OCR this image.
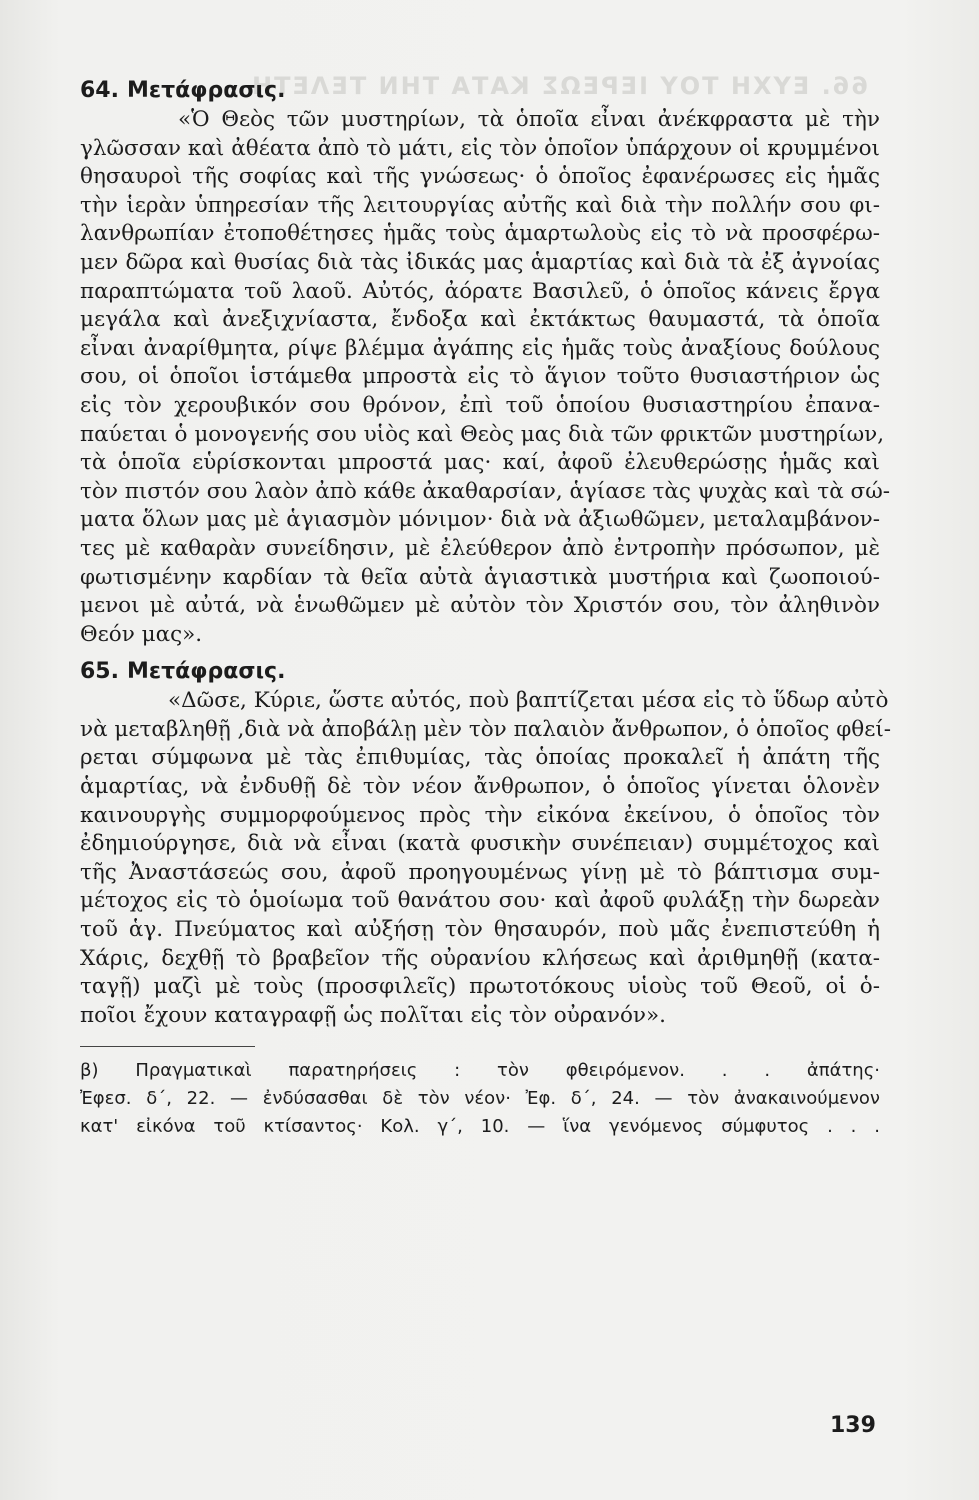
66. ΕΥΧΗ ΤΟΥ ΙΕΡΕΩΣ ΚΑΤΑ ΤΗΝ ΤΕΛΕΤΗ
64. Μετάφρασις.
«Ὁ Θεὸς τῶν μυστηρίων, τὰ ὁποῖα εἶναι ἀνέκφραστα μὲ τὴν
γλῶσσαν καὶ ἀθέατα ἀπὸ τὸ μάτι, εἰς τὸν ὁποῖον ὑπάρχουν οἱ κρυμμένοι
θησαυροὶ τῆς σοφίας καὶ τῆς γνώσεως· ὁ ὁποῖος ἐφανέρωσες εἰς ἡμᾶς
τὴν ἱερὰν ὑπηρεσίαν τῆς λειτουργίας αὐτῆς καὶ διὰ τὴν πολλήν σου φι-
λανθρωπίαν ἐτοποθέτησες ἡμᾶς τοὺς ἁμαρτωλοὺς εἰς τὸ νὰ προσφέρω-
μεν δῶρα καὶ θυσίας διὰ τὰς ἰδικάς μας ἁμαρτίας καὶ διὰ τὰ ἐξ ἀγνοίας
παραπτώματα τοῦ λαοῦ. Αὐτός, ἀόρατε Βασιλεῦ, ὁ ὁποῖος κάνεις ἔργα
μεγάλα καὶ ἀνεξιχνίαστα, ἔνδοξα καὶ ἐκτάκτως θαυμαστά, τὰ ὁποῖα
εἶναι ἀναρίθμητα, ρίψε βλέμμα ἀγάπης εἰς ἡμᾶς τοὺς ἀναξίους δούλους
σου, οἱ ὁποῖοι ἱστάμεθα μπροστὰ εἰς τὸ ἅγιον τοῦτο θυσιαστήριον ὡς
εἰς τὸν χερουβικόν σου θρόνον, ἐπὶ τοῦ ὁποίου θυσιαστηρίου ἐπανα-
παύεται ὁ μονογενής σου υἱὸς καὶ Θεὸς μας διὰ τῶν φρικτῶν μυστηρίων,
τὰ ὁποῖα εὑρίσκονται μπροστά μας· καί, ἀφοῦ ἐλευθερώσῃς ἡμᾶς καὶ
τὸν πιστόν σου λαὸν ἀπὸ κάθε ἀκαθαρσίαν, ἁγίασε τὰς ψυχὰς καὶ τὰ σώ-
ματα ὅλων μας μὲ ἁγιασμὸν μόνιμον· διὰ νὰ ἀξιωθῶμεν, μεταλαμβάνον-
τες μὲ καθαρὰν συνείδησιν, μὲ ἐλεύθερον ἀπὸ ἐντροπὴν πρόσωπον, μὲ
φωτισμένην καρδίαν τὰ θεῖα αὐτὰ ἁγιαστικὰ μυστήρια καὶ ζωοποιού-
μενοι μὲ αὐτά, νὰ ἑνωθῶμεν μὲ αὐτὸν τὸν Χριστόν σου, τὸν ἀληθινὸν
Θεόν μας».
65. Μετάφρασις.
«Δῶσε, Κύριε, ὥστε αὐτός, ποὺ βαπτίζεται μέσα εἰς τὸ ὕδωρ αὐτὸ
νὰ μεταβληθῇ ,διὰ νὰ ἀποβάλῃ μὲν τὸν παλαιὸν ἄνθρωπον, ὁ ὁποῖος φθεί-
ρεται σύμφωνα μὲ τὰς ἐπιθυμίας, τὰς ὁποίας προκαλεῖ ἡ ἀπάτη τῆς
ἁμαρτίας, νὰ ἐνδυθῇ δὲ τὸν νέον ἄνθρωπον, ὁ ὁποῖος γίνεται ὁλονὲν
καινουργὴς συμμορφούμενος πρὸς τὴν εἰκόνα ἐκείνου, ὁ ὁποῖος τὸν
ἐδημιούργησε, διὰ νὰ εἶναι (κατὰ φυσικὴν συνέπειαν) συμμέτοχος καὶ
τῆς Ἀναστάσεώς σου, ἀφοῦ προηγουμένως γίνῃ μὲ τὸ βάπτισμα συμ-
μέτοχος εἰς τὸ ὁμοίωμα τοῦ θανάτου σου· καὶ ἀφοῦ φυλάξῃ τὴν δωρεὰν
τοῦ ἁγ. Πνεύματος καὶ αὐξήσῃ τὸν θησαυρόν, ποὺ μᾶς ἐνεπιστεύθη ἡ
Χάρις, δεχθῇ τὸ βραβεῖον τῆς οὐρανίου κλήσεως καὶ ἀριθμηθῇ (κατα-
ταγῇ) μαζὶ μὲ τοὺς (προσφιλεῖς) πρωτοτόκους υἱοὺς τοῦ Θεοῦ, οἱ ὁ-
ποῖοι ἔχουν καταγραφῇ ὡς πολῖται εἰς τὸν οὐρανόν».
β) Πραγματικαὶ παρατηρήσεις : τὸν φθειρόμενον. . . ἀπάτης·
Ἐφεσ. δ΄, 22. — ἐνδύσασθαι δὲ τὸν νέον· Ἐφ. δ΄, 24. — τὸν ἀνακαινούμενον
κατ' εἰκόνα τοῦ κτίσαντος· Κολ. γ΄, 10. — ἵνα γενόμενος σύμφυτος . . .
139
